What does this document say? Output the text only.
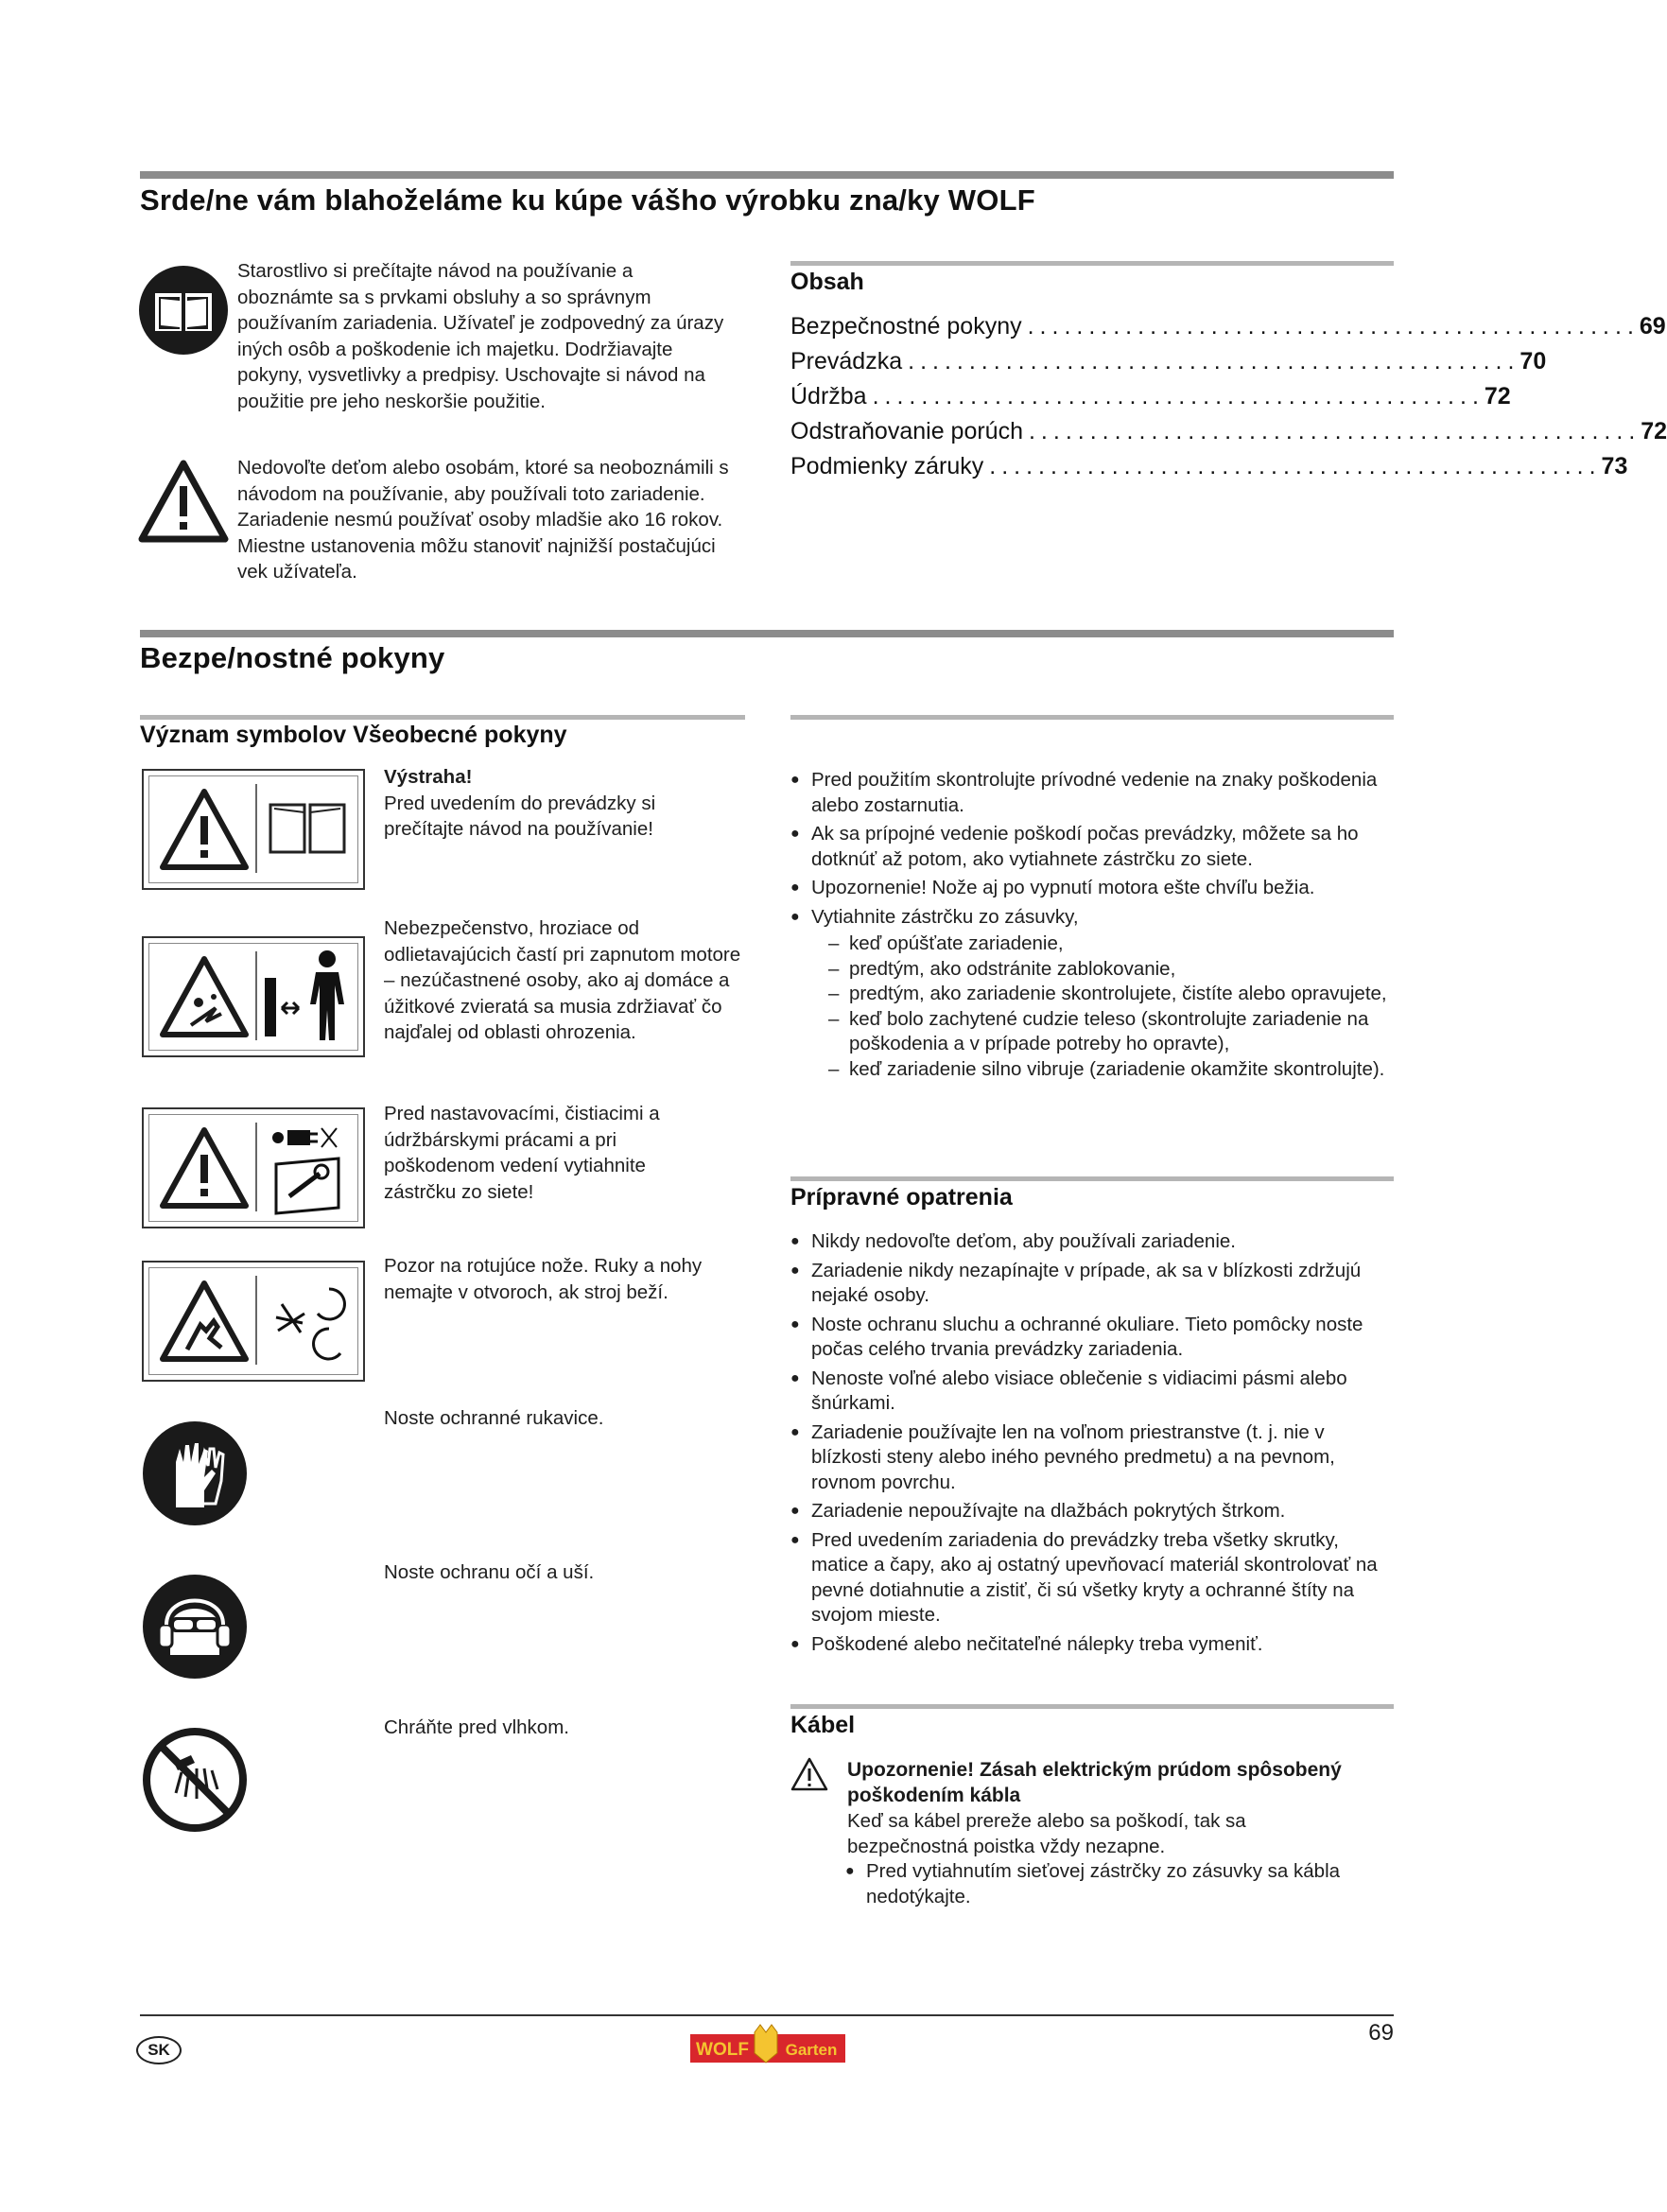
Srde/ne vám blahoželáme ku kúpe vášho výrobku zna/ky WOLF
Starostlivo si prečítajte návod na používanie a oboznámte sa s prvkami obsluhy a so správnym používaním zariadenia. Užívateľ je zodpovedný za úrazy iných osôb a poškodenie ich majetku. Dodržiavajte pokyny, vysvetlivky a predpisy. Uschovajte si návod na použitie pre jeho neskoršie použitie.
Nedovoľte deťom alebo osobám, ktoré sa neoboznámili s návodom na používanie, aby používali toto zariadenie. Zariadenie nesmú používať osoby mladšie ako 16 rokov. Miestne ustanovenia môžu stanoviť najnižší postačujúci vek užívateľa.
Obsah
Bezpečnostné pokyny .................................................. 69
Prevádzka .................................................. 70
Údržba .................................................. 72
Odstraňovanie porúch .................................................. 72
Podmienky záruky .................................................. 73
Bezpe/nostné pokyny
Význam symbolov Všeobecné pokyny
Výstraha!
Pred uvedením do prevádzky si prečítajte návod na používanie!
Nebezpečenstvo, hroziace od odlietavajúcich častí pri zapnutom motore – nezúčastnené osoby, ako aj domáce a úžitkové zvieratá sa musia zdržiavať čo najďalej od oblasti ohrozenia.
Pred nastavovacími, čistiacimi a údržbárskymi prácami a pri poškodenom vedení vytiahnite zástrčku zo siete!
Pozor na rotujúce nože. Ruky a nohy nemajte v otvoroch, ak stroj beží.
Noste ochranné rukavice.
Noste ochranu očí a uší.
Chráňte pred vlhkom.
● Pred použitím skontrolujte prívodné vedenie na znaky poškodenia alebo zostarnutia.
● Ak sa prípojné vedenie poškodí počas prevádzky, môžete sa ho dotknúť až potom, ako vytiahnete zástrčku zo siete.
● Upozornenie! Nože aj po vypnutí motora ešte chvíľu bežia.
● Vytiahnite zástrčku zo zásuvky,
– keď opúšťate zariadenie,
– predtým, ako odstránite zablokovanie,
– predtým, ako zariadenie skontrolujete, čistíte alebo opravujete,
– keď bolo zachytené cudzie teleso (skontrolujte zariadenie na poškodenia a v prípade potreby ho opravte),
– keď zariadenie silno vibruje (zariadenie okamžite skontrolujte).
Prípravné opatrenia
● Nikdy nedovoľte deťom, aby používali zariadenie.
● Zariadenie nikdy nezapínajte v prípade, ak sa v blízkosti zdržujú nejaké osoby.
● Noste ochranu sluchu a ochranné okuliare. Tieto pomôcky noste počas celého trvania prevádzky zariadenia.
● Nenoste voľné alebo visiace oblečenie s vidiacimi pásmi alebo šnúrkami.
● Zariadenie používajte len na voľnom priestranstve (t. j. nie v blízkosti steny alebo iného pevného predmetu) a na pevnom, rovnom povrchu.
● Zariadenie nepoužívajte na dlažbách pokrytých štrkom.
● Pred uvedením zariadenia do prevádzky treba všetky skrutky, matice a čapy, ako aj ostatný upevňovací materiál skontrolovať na pevné dotiahnutie a zistiť, či sú všetky kryty a ochranné štíty na svojom mieste.
● Poškodené alebo nečitateľné nálepky treba vymeniť.
Kábel
Upozornenie! Zásah elektrickým prúdom spôsobený poškodením kábla
Keď sa kábel prereže alebo sa poškodí, tak sa bezpečnostná poistka vždy nezapne.
● Pred vytiahnutím sieťovej zástrčky zo zásuvky sa kábla nedotýkajte.
SK	WOLF Garten
69
